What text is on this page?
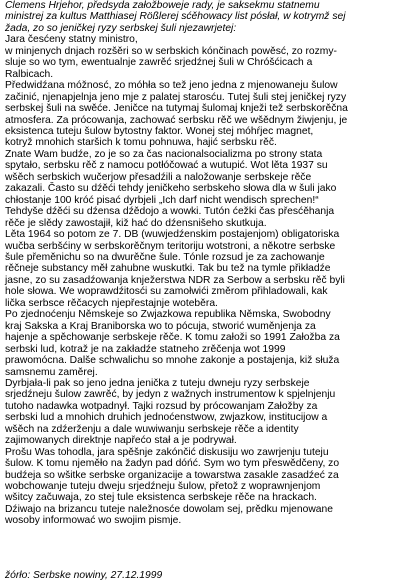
Clemens Hrjehor, předsyda załožboweje rady, je saksekmu statnemu
ministrej za kultus Matthiasej Rößlerej sćěhowacy list pósłał, w kotrymž sej
žada, zo so jeničkej ryzy serbskej šuli njezawrjetej:

Jara česćeny statny ministro,

w minjenych dnjach rozšěri so w serbskich kónčinach powěsć, zo rozmy-
sluje so wo tym, ewentualnje zawrěć srjedźnej šuli w Chróšćicach a
Ralbicach.

Předwidźana móžnosć, zo móhła so tež jeno jedna z mjenowaneju šulow
začinić, njenapjelnja jeno mje z palatej starosću. Tutej šuli stej jeničkej ryzy
serbskej šuli na swěće. Jeničce na tutymaj šulomaj knježi tež serbskorěčna
atmosfera. Za prócowanja, zachować serbsku rěč we wšědnym žiwjenju, je
eksistenca tuteju šulow bytostny faktor. Wonej stej móhŕjec magnet,
kotryž mnohich staršich k tomu pohnuwa, hajić serbsku rěč.

Znate Wam budźe, zo je so za čas nacionalsocializma po strony stata
spytało, serbsku rěč z namocu potłóčować a wutupić. Wot lěta 1937 su
wšěch serbskich wučerjow přesadźili a naložowanje serbskeje rěče
zakazali. Často su dźěći tehdy jeničkeho serbskeho słowa dla w šuli jako
chłostanje 100 króć pisać dyrbjeli „Ich darf nicht wendisch sprechen!“
Tehdyše dźěći su dźensa dźědojo a wowki. Tutón ćežki čas přesćěhanja
rěče je slědy zawostajił, kiž hać do dźensnišeho skutkuja.

Lěta 1964 so potom ze 7. DB (wuwjedźenskim postajenjom) obligatoriska
wučba serbšćiny w serbskorěčnym teritoriju wotstroni, a někotre serbske
šule přeměnichu so na dwurěčne šule. Tónle rozsud je za zachowanje
rěčneje substancy měł zahubne wuskutki. Tak bu tež na tymle přikładźe
jasne, zo su zasadźowanja knježerstwa NDR za Serbow a serbsku rěč byli
hole słowa. We woprawdźitosći su zamołwići změrom přihladowali, kak
lička serbsce rěčacych njepřestajnje woteběra.

Po zjednoćenju Němskeje so Zwjazkowa republika Němska, Swobodny
kraj Sakska a Kraj Braniborska wo to pócuja, stworić wuměnjenja za
hajenje a spěchowanje serbskeje rěče. K tomu załoži so 1991 Załožba za
serbski lud, kotraž je na zakładźe statneho zrěčenja wot 1999
prawomócna. Dalše schwalichu so mnohe zakonje a postajenja, kiž słuža
samsnemu zaměrej.

Dyrbjała-li pak so jeno jedna jeničkа z tuteju dwneju ryzy serbskeje
srjedźneju šulow zawrěć, by jedyn z wažnych instrumentow k spjelnjenju
tutoho nadawka wotpadnył. Tajki rozsud by prócowanjam Załožby za
serbski lud a mnohich druhich jednoćenstwow, zwjazkow, institucijow a
wšěch na zdźerženju a dale wuwiwanju serbskeje rěče a identity
zajimowanych direktnje napřećo stał a je podrywał.

Prošu Was tohodla, jara spěšnje zakónčić diskusiju wo zawrjenju tuteju
šulow. K tomu njeměło na žadyn pad dóńć. Sym wo tym přeswědčeny, zo
budźeja so wšitke serbske organizacije a towarstwa zasakle zasadźeć za
wobchowanje tuteju dweju srjedźneju šulow, přetož z woprawnjenjom
wšitcy začuwaja, zo stej tule eksistenca serbskeje rěče na hrackach.

Dźiwajo na brizancu tuteje naležnosće dowolam sej, prědku mjenowane
wosoby informować wo swojim pismje.

žórło: Serbske nowiny, 27.12.1999
